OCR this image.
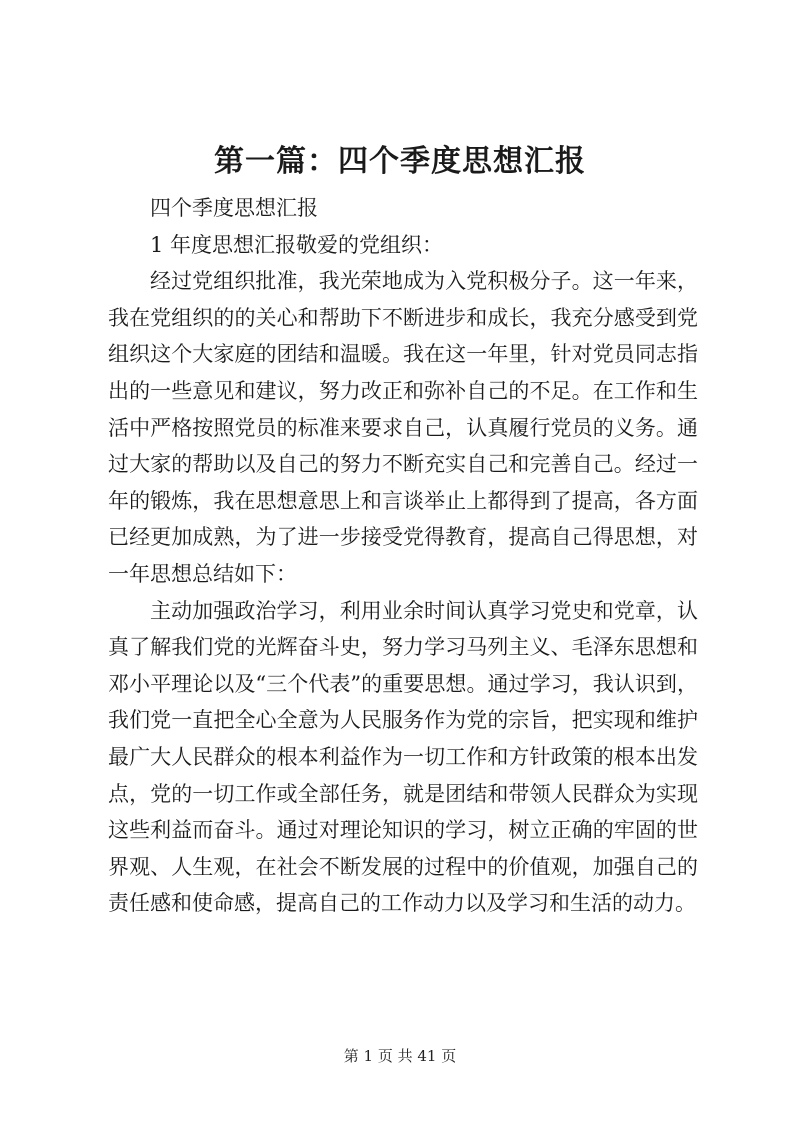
第一篇：四个季度思想汇报

四个季度思想汇报

1 年度思想汇报敬爱的党组织：

经过党组织批准，我光荣地成为入党积极分子。这一年来，我在党组织的的关心和帮助下不断进步和成长，我充分感受到党组织这个大家庭的团结和温暖。我在这一年里，针对党员同志指出的一些意见和建议，努力改正和弥补自己的不足。在工作和生活中严格按照党员的标准来要求自己，认真履行党员的义务。通过大家的帮助以及自己的努力不断充实自己和完善自己。经过一年的锻炼，我在思想意思上和言谈举止上都得到了提高，各方面已经更加成熟，为了进一步接受党得教育，提高自己得思想，对一年思想总结如下：

主动加强政治学习，利用业余时间认真学习党史和党章，认真了解我们党的光辉奋斗史，努力学习马列主义、毛泽东思想和邓小平理论以及“三个代表”的重要思想。通过学习，我认识到，我们党一直把全心全意为人民服务作为党的宗旨，把实现和维护最广大人民群众的根本利益作为一切工作和方针政策的根本出发点，党的一切工作或全部任务，就是团结和带领人民群众为实现这些利益而奋斗。通过对理论知识的学习，树立正确的牢固的世界观、人生观，在社会不断发展的过程中的价值观，加强自己的责任感和使命感，提高自己的工作动力以及学习和生活的动力。

第 1 页 共 41 页
